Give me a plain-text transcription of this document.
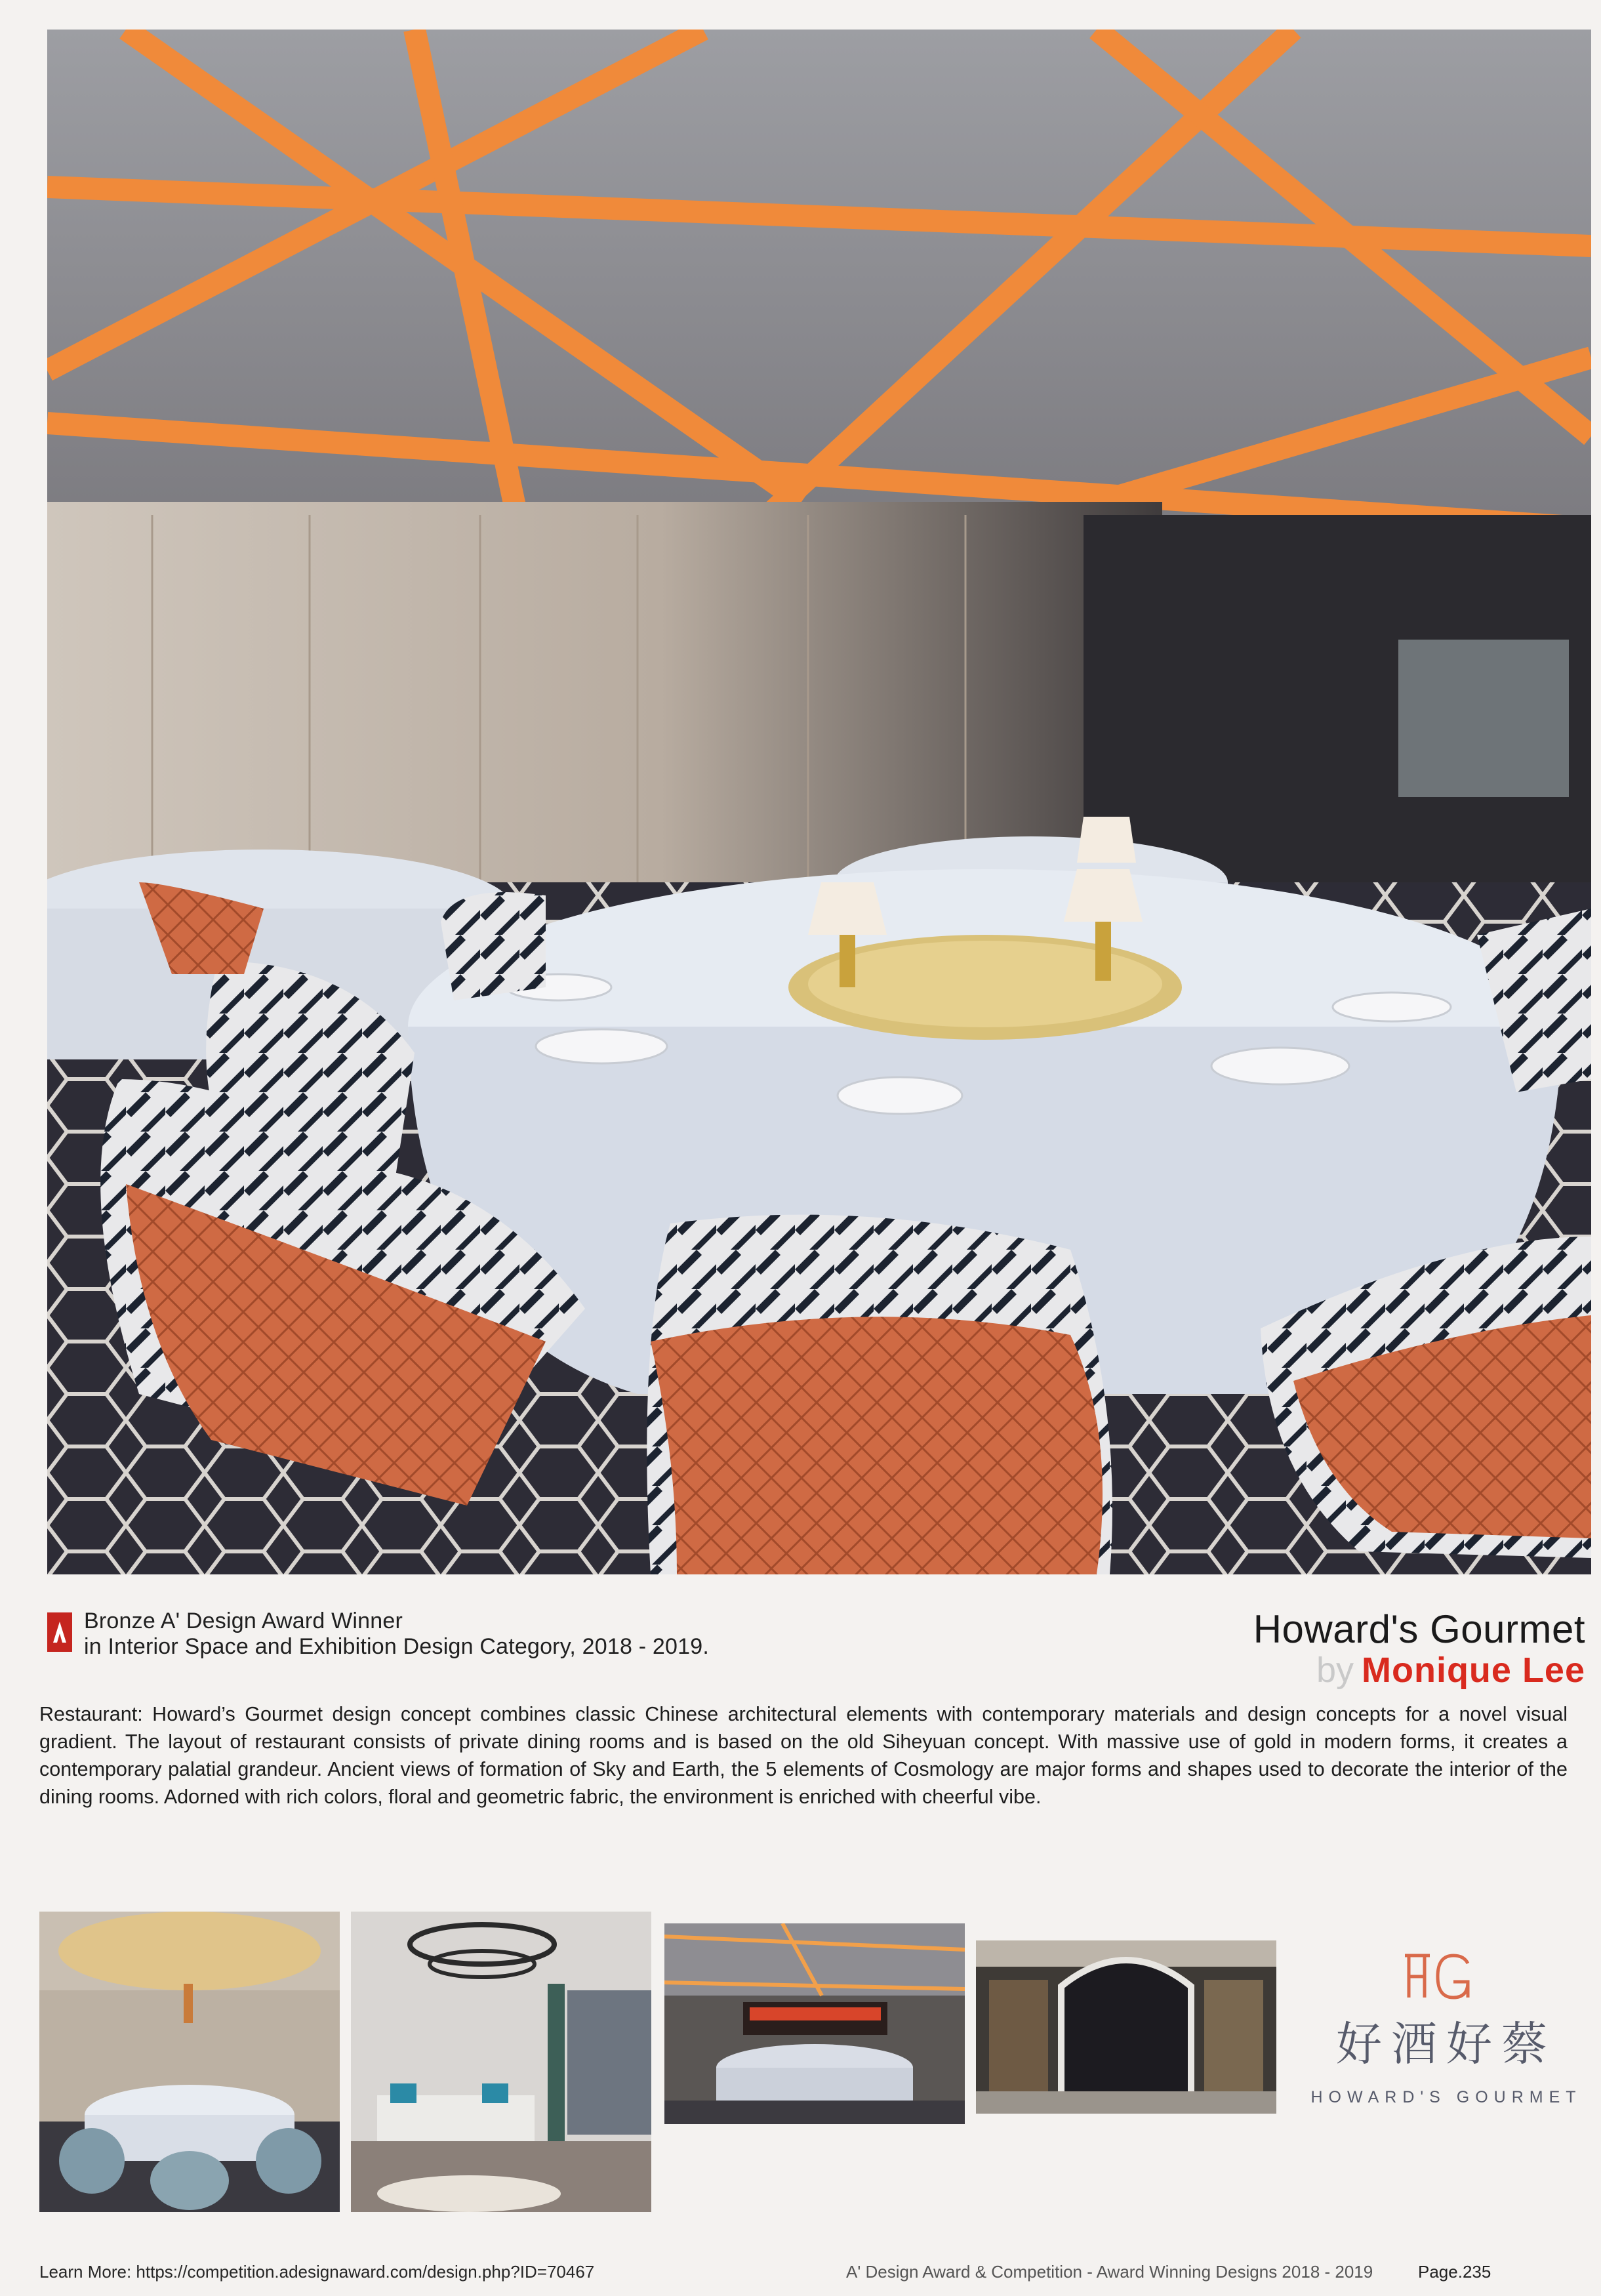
Bronze A' Design Award Winner
in Interior Space and Exhibition Design Category, 2018 - 2019.	Howard's Gourmet
by Monique Lee
Restaurant: Howard’s Gourmet design concept combines classic Chinese architectural elements with contemporary materials and design concepts for a novel visual gradient. The layout of restaurant consists of private dining rooms and is based on the old Siheyuan concept. With massive use of gold in modern forms, it creates a contemporary palatial grandeur. Ancient views of formation of Sky and Earth, the 5 elements of Cosmology are major forms and shapes used to decorate the interior of the dining rooms. Adorned with rich colors, floral and geometric fabric, the environment is enriched with cheerful vibe.
好酒好蔡
HOWARD'S GOURMET
Learn More: https://competition.adesignaward.com/design.php?ID=70467	A' Design Award & Competition - Award Winning Designs 2018 - 2019	Page.235
